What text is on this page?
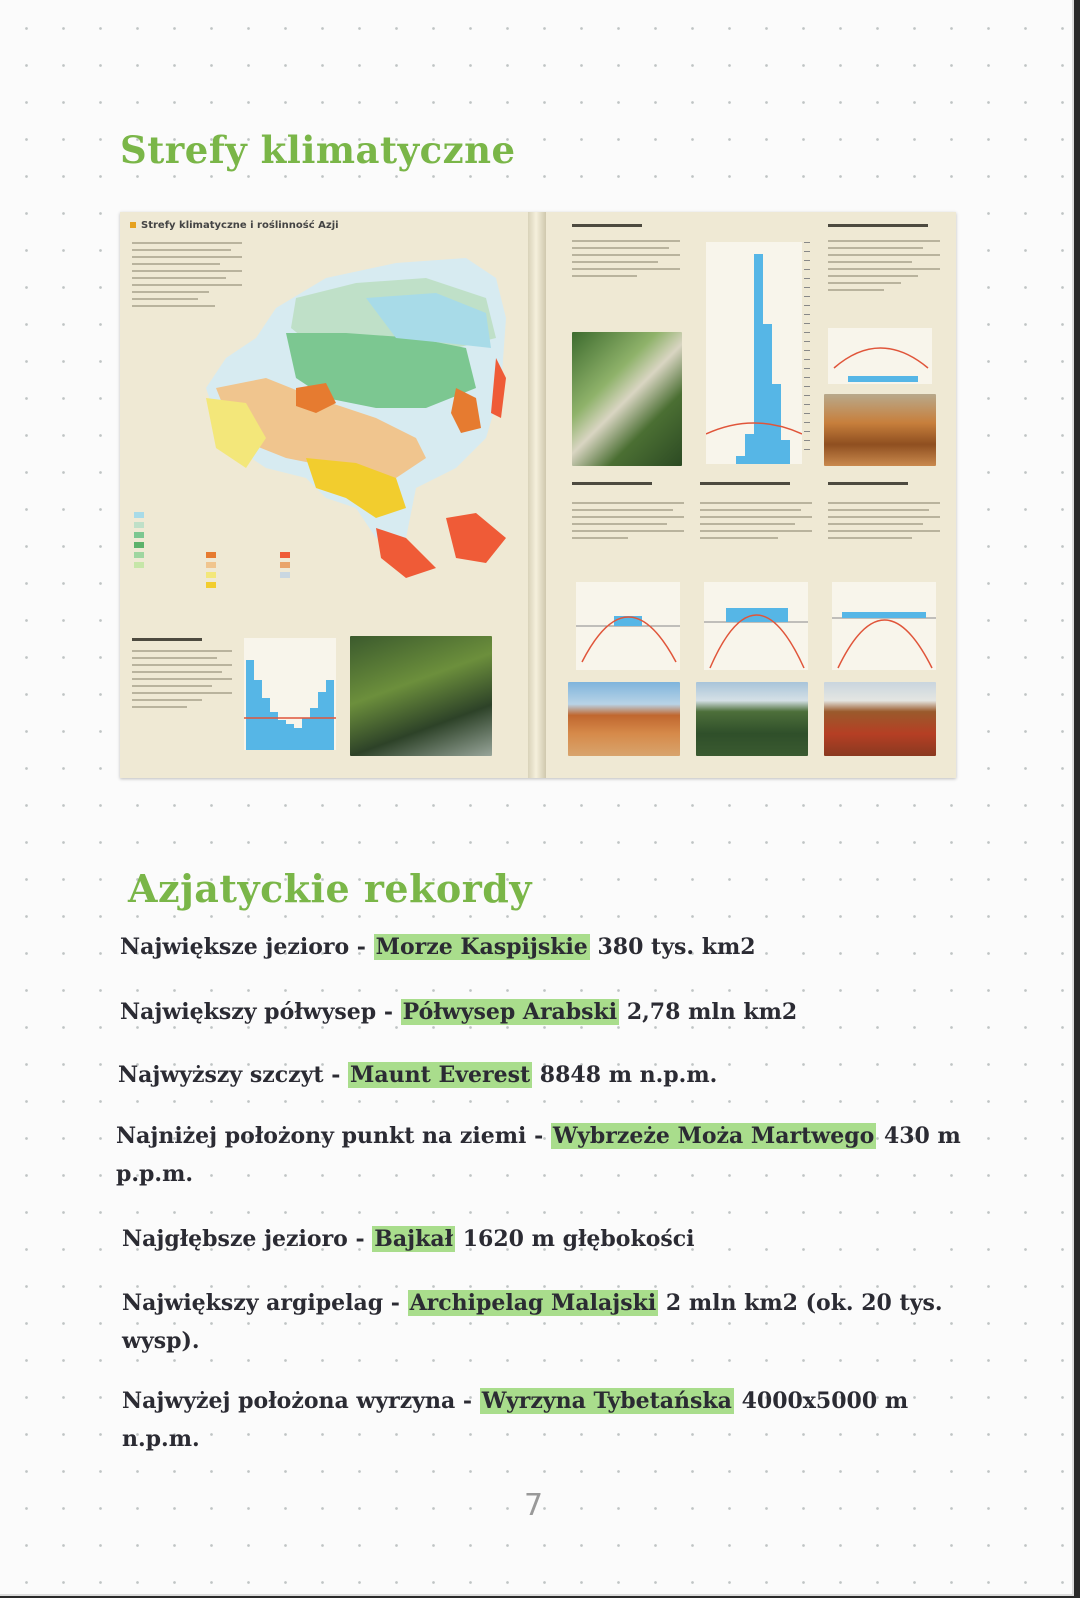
Strefy klimatyczne
Strefy klimatyczne i roślinność Azji
Azjatyckie rekordy

Największe jezioro - Morze Kaspijskie 380 tys. km2

Największy półwysep - Półwysep Arabski 2,78 mln km2

Najwyższy szczyt - Maunt Everest 8848 m n.p.m.

Najniżej położony punkt na ziemi - Wybrzeże Moża Martwego 430 m p.p.m.

Najgłębsze jezioro - Bajkał 1620 m głębokości

Największy argipelag - Archipelag Malajski 2 mln km2 (ok. 20 tys. wysp).

Najwyżej położona wyrzyna - Wyrzyna Tybetańska 4000x5000 m n.p.m.

7
